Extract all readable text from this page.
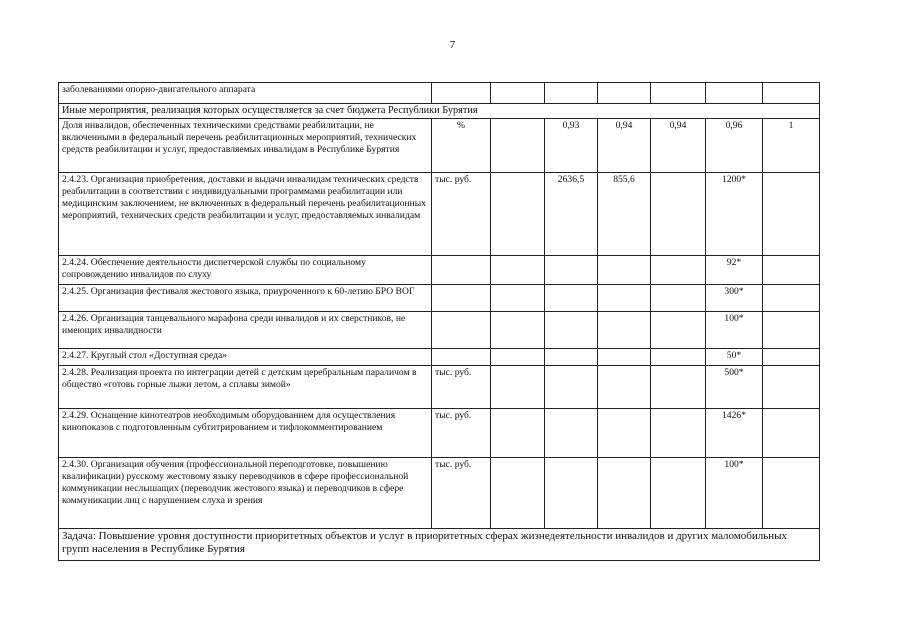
7
заболеваниями опорно-двигательного аппарата							
Иные мероприятия, реализация которых осуществляется за счет бюджета Республики Бурятия							
Доля инвалидов, обеспеченных техническими средствами реабилитации, не включенными в федеральный перечень реабилитационных мероприятий, технических средств реабилитации и услуг, предоставляемых инвалидам в Республике Бурятия	%		0,93	0,94	0,94	0,96	1
2.4.23. Организация приобретения, доставки и выдачи инвалидам технических средств реабилитации в соответствии с индивидуальными программами реабилитации или медицинским заключением, не включенных в федеральный перечень реабилитационных мероприятий, технических средств реабилитации и услуг, предоставляемых инвалидам	тыс. руб.		2636,5	855,6		1200*	
2.4.24. Обеспечение деятельности диспетчерской службы по социальному сопровождению инвалидов по слуху						92*	
2.4.25. Организация фестиваля жестового языка, приуроченного к 60-летию БРО ВОГ						300*	
2.4.26. Организация танцевального марафона среди инвалидов и их сверстников, не имеющих инвалидности						100*	
2.4.27. Круглый стол «Доступная среда»						50*	
2.4.28. Реализация проекта по интеграции детей с детским церебральным параличом в общество «готовь горные лыжи летом, а сплавы зимой»	тыс. руб.					500*	
2.4.29. Оснащение кинотеатров необходимым оборудованием для осуществления кинопоказов с подготовленным субтитрированием и тифлокомментированием	тыс. руб.					1426*	
2.4.30. Организация обучения (профессиональной переподготовке, повышению квалификации) русскому жестовому языку переводчиков в сфере профессиональной коммуникации неслышащих (переводчик жестового языка) и переводчиков в сфере коммуникации лиц с нарушением слуха и зрения	тыс. руб.					100*	
Задача: Повышение уровня доступности приоритетных объектов и услуг в приоритетных сферах жизнедеятельности инвалидов и других маломобильных групп населения в Республике Бурятия							
